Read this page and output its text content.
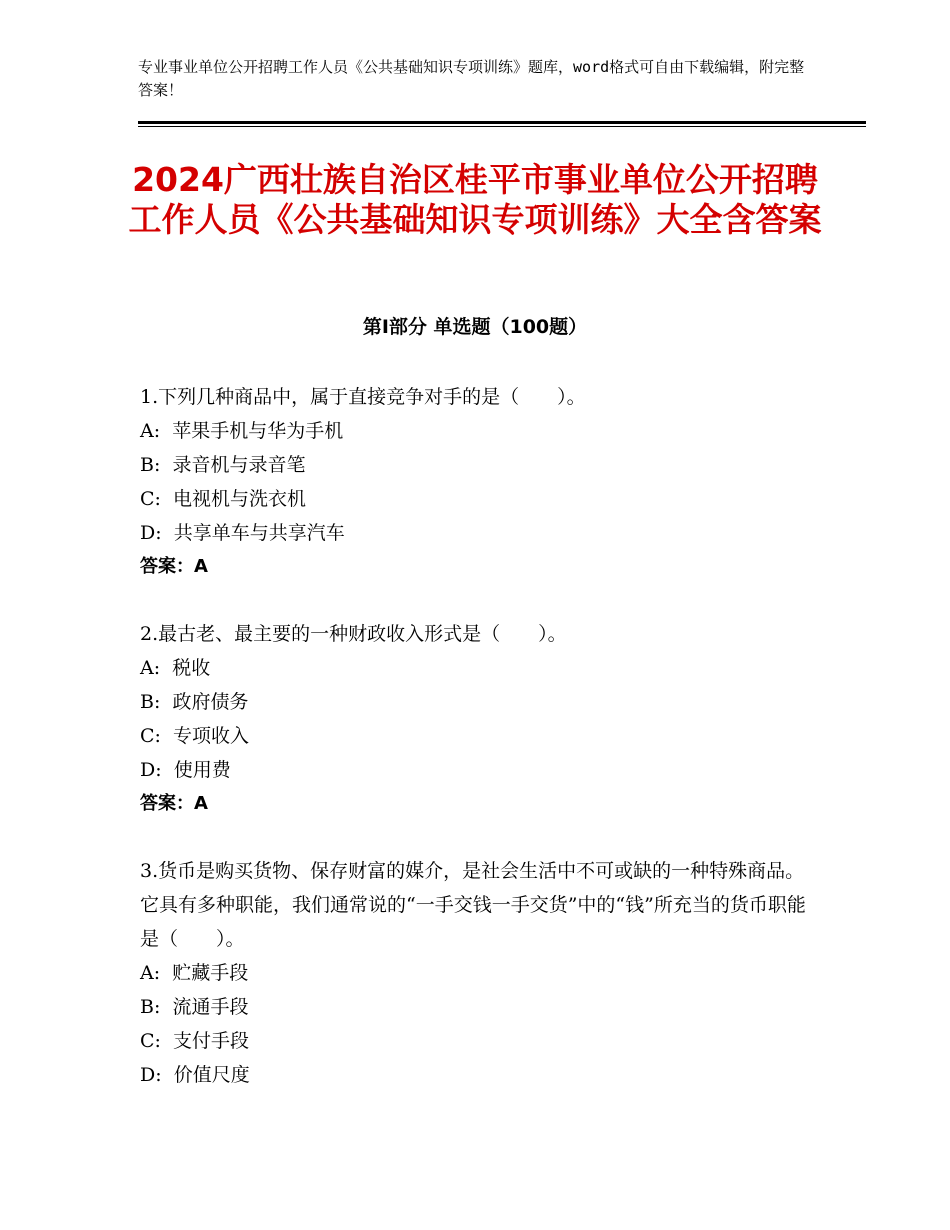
专业事业单位公开招聘工作人员《公共基础知识专项训练》题库，word格式可自由下载编辑，附完整答案！
2024广西壮族自治区桂平市事业单位公开招聘工作人员《公共基础知识专项训练》大全含答案
第Ⅰ部分 单选题（100题）
1.下列几种商品中，属于直接竞争对手的是（　　）。
A:  苹果手机与华为手机
B:  录音机与录音笔
C:  电视机与洗衣机
D:  共享单车与共享汽车
答案：A
2.最古老、最主要的一种财政收入形式是（　　）。
A:  税收
B:  政府债务
C:  专项收入
D:  使用费
答案：A
3.货币是购买货物、保存财富的媒介，是社会生活中不可或缺的一种特殊商品。它具有多种职能，我们通常说的“一手交钱一手交货”中的“钱”所充当的货币职能是（　　）。
A:  贮藏手段
B:  流通手段
C:  支付手段
D:  价值尺度
